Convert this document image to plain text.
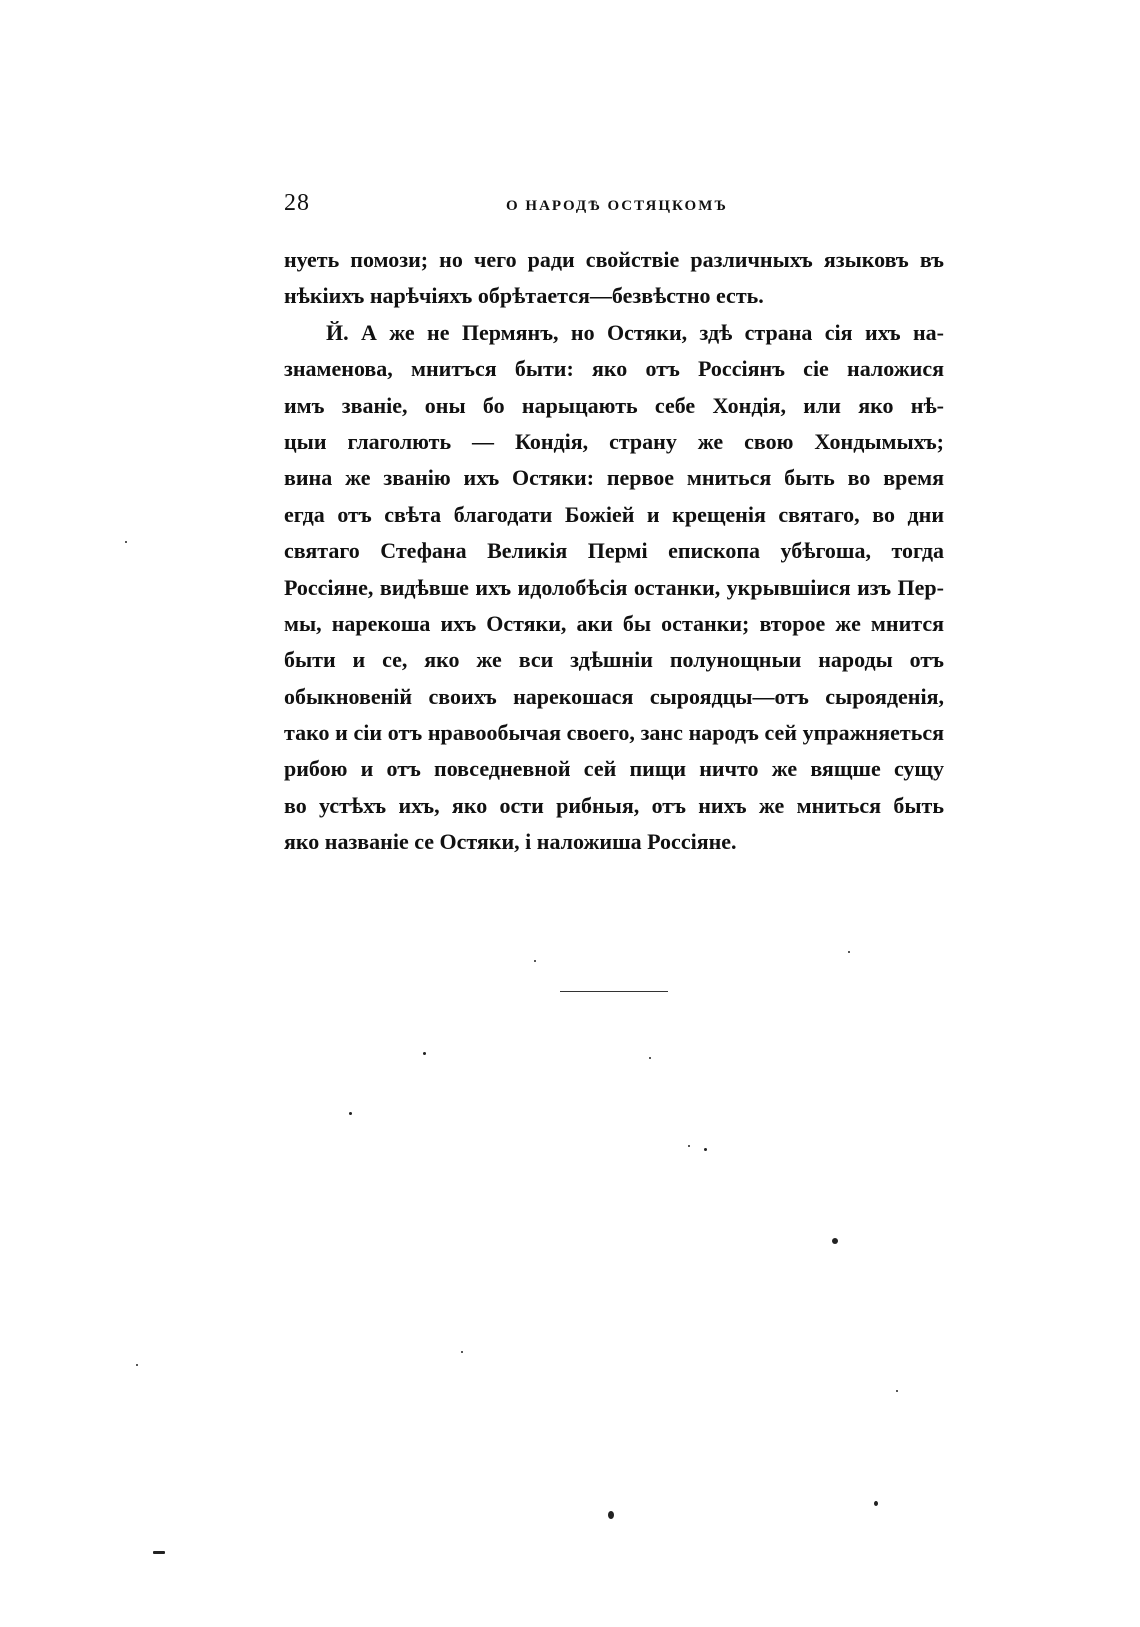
28	О НАРОДѢ ОСТЯЦКОМЪ
нуеть помози; но чего ради свойствіе различныхъ языковъ въ
нѣкіихъ нарѣчіяхъ обрѣтается—безвѣстно есть.
Й. А же не Пермянъ, но Остяки, здѣ страна сія ихъ на-
знаменова, мнитъся быти: яко отъ Россіянъ сіе наложися
имъ званіе, оны бо нарыцають себе Хондія, или яко нѣ-
цыи глаголють — Кондія, страну же свою Хондымыхъ;
вина же званію ихъ Остяки: первое мниться быть во время
егда отъ свѣта благодати Божіей и крещенія святаго, во дни
святаго Стефана Великія Пермі епископа убѣгоша, тогда
Россіяне, видѣвше ихъ идолобѣсія останки, укрывшіися изъ Пер-
мы, нарекоша ихъ Остяки, аки бы останки; второе же мнится
быти и се, яко же вси здѣшніи полунощныи народы отъ
обыкновеній своихъ нарекошася сыроядцы—отъ сырояденія,
тако и сіи отъ нравообычая своего, занс народъ сей упражняеться
рибою и отъ повседневной сей пищи ничто же вящше сущу
во устѣхъ ихъ, яко ости рибныя, отъ нихъ же мниться быть
яко названіе се Остяки, і наложиша Россіяне.
